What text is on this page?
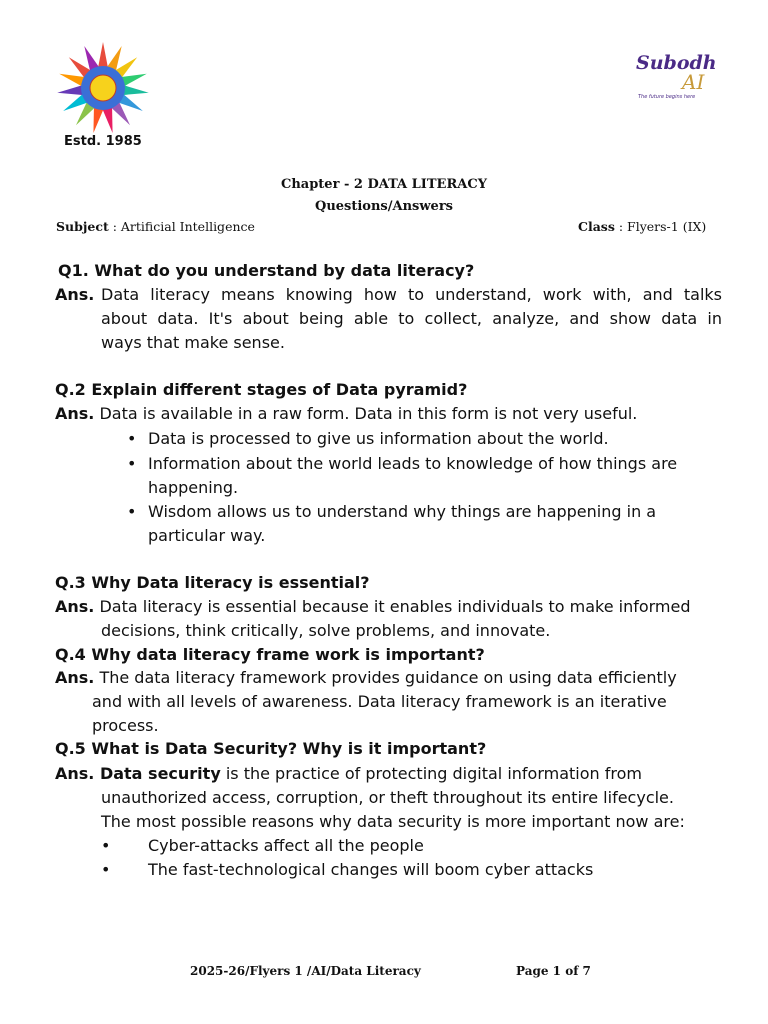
Estd. 1985
Subodh
AI
The future begins here
Chapter - 2 DATA LITERACY
Questions/Answers
Subject : Artificial Intelligence	Class : Flyers-1 (IX)
Q1. What do you understand by data literacy?
Ans. Data literacy means knowing how to understand, work with, and talks
about data. It's about being able to collect, analyze, and show data in
ways that make sense.
Q.2 Explain different stages of Data pyramid?
Ans. Data is available in a raw form. Data in this form is not very useful.
• Data is processed to give us information about the world.
• Information about the world leads to knowledge of how things are
happening.
• Wisdom allows us to understand why things are happening in a
particular way.
Q.3 Why Data literacy is essential?
Ans. Data literacy is essential because it enables individuals to make informed
decisions, think critically, solve problems, and innovate.
Q.4 Why data literacy frame work is important?
Ans. The data literacy framework provides guidance on using data efficiently
and with all levels of awareness. Data literacy framework is an iterative
process.
Q.5 What is Data Security? Why is it important?
Ans. Data security is the practice of protecting digital information from
unauthorized access, corruption, or theft throughout its entire lifecycle.
The most possible reasons why data security is more important now are:
• Cyber-attacks affect all the people
• The fast-technological changes will boom cyber attacks
2025-26/Flyers 1 /AI/Data Literacy	Page 1 of 7
